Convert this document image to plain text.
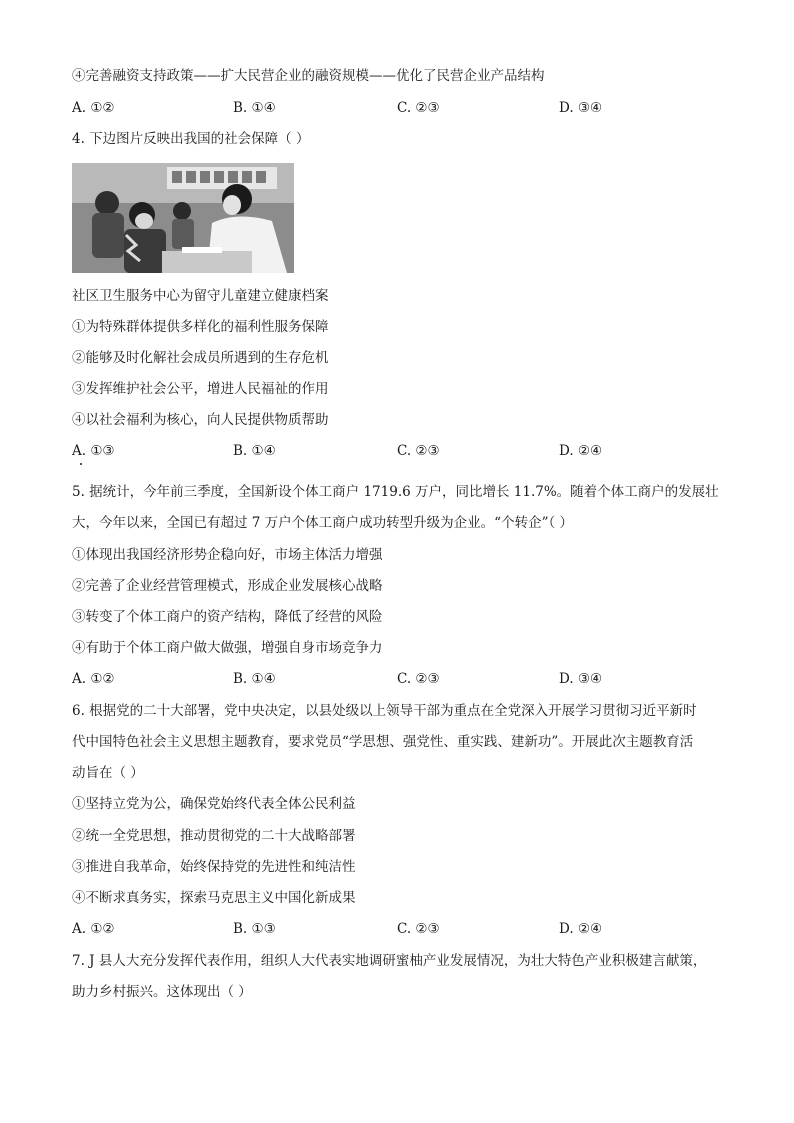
④完善融资支持政策——扩大民营企业的融资规模——优化了民营企业产品结构
A. ①②	B. ①④	C. ②③	D. ③④
4. 下边图片反映出我国的社会保障（ ）
社区卫生服务中心为留守儿童建立健康档案
①为特殊群体提供多样化的福利性服务保障
②能够及时化解社会成员所遇到的生存危机
③发挥维护社会公平，增进人民福祉的作用
④以社会福利为核心，向人民提供物质帮助
A. ①③	B. ①④	C. ②③	D. ②④
5. 据统计，今年前三季度，全国新设个体工商户 1719.6 万户，同比增长 11.7%。随着个体工商户的发展壮
大，今年以来，全国已有超过 7 万户个体工商户成功转型升级为企业。“个转企”（ ）
①体现出我国经济形势企稳向好，市场主体活力增强
②完善了企业经营管理模式，形成企业发展核心战略
③转变了个体工商户的资产结构，降低了经营的风险
④有助于个体工商户做大做强，增强自身市场竞争力
A. ①②	B. ①④	C. ②③	D. ③④
6. 根据党的二十大部署，党中央决定，以县处级以上领导干部为重点在全党深入开展学习贯彻习近平新时
代中国特色社会主义思想主题教育，要求党员“学思想、强党性、重实践、建新功”。开展此次主题教育活
动旨在（ ）
①坚持立党为公，确保党始终代表全体公民利益
②统一全党思想，推动贯彻党的二十大战略部署
③推进自我革命，始终保持党的先进性和纯洁性
④不断求真务实，探索马克思主义中国化新成果
A. ①②	B. ①③	C. ②③	D. ②④
7. J 县人大充分发挥代表作用，组织人大代表实地调研蜜柚产业发展情况，为壮大特色产业积极建言献策，
助力乡村振兴。这体现出（ ）
